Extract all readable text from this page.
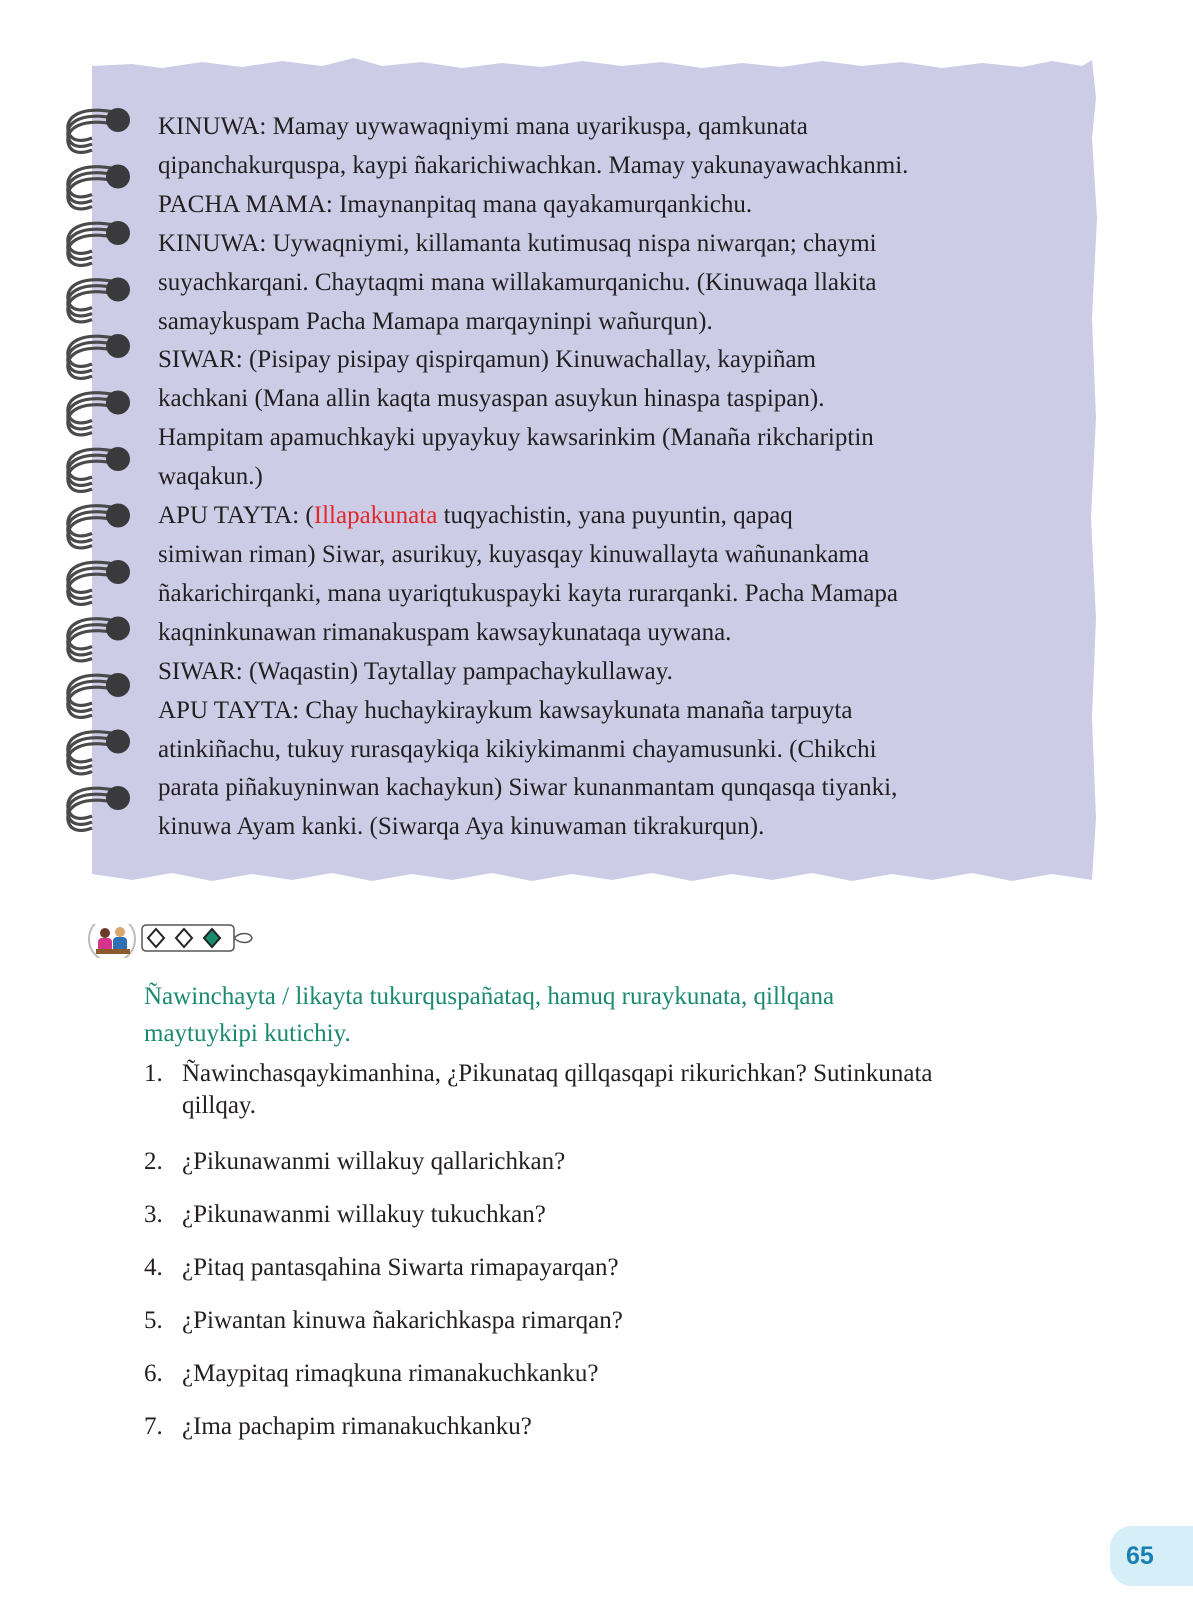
KINUWA: Mamay uywawaqniymi mana uyarikuspa, qamkunata
qipanchakurquspa, kaypi ñakarichiwachkan. Mamay yakunayawachkanmi.
PACHA MAMA: Imaynanpitaq mana qayakamurqankichu.
KINUWA: Uywaqniymi, killamanta kutimusaq nispa niwarqan; chaymi
suyachkarqani. Chaytaqmi mana willakamurqanichu. (Kinuwaqa llakita
samaykuspam Pacha Mamapa marqayninpi wañurqun).
SIWAR: (Pisipay pisipay qispirqamun) Kinuwachallay, kaypiñam
kachkani (Mana allin kaqta musyaspan asuykun hinaspa taspipan).
Hampitam apamuchkayki upyaykuy kawsarinkim (Manaña rikchariptin
waqakun.)
APU TAYTA: (Illapakunata tuqyachistin, yana puyuntin, qapaq
simiwan riman) Siwar, asurikuy, kuyasqay kinuwallayta wañunankama
ñakarichirqanki, mana uyariqtukuspayki kayta rurarqanki. Pacha Mamapa
kaqninkunawan rimanakuspam kawsaykunataqa uywana.
SIWAR: (Waqastin) Taytallay pampachaykullaway.
APU TAYTA: Chay huchaykiraykum kawsaykunata manaña tarpuyta
atinkiñachu, tukuy rurasqaykiqa kikiykimanmi chayamusunki. (Chikchi
parata piñakuyninwan kachaykun) Siwar kunanmantam qunqasqa tiyanki,
kinuwa Ayam kanki. (Siwarqa Aya kinuwaman tikrakurqun).
Ñawinchayta / likayta tukurquspañataq, hamuq ruraykunata, qillqana
maytuykipi kutichiy.
1. Ñawinchasqaykimanhina, ¿Pikunataq qillqasqapi rikurichkan? Sutinkunata
qillqay.
2. ¿Pikunawanmi willakuy qallarichkan?
3. ¿Pikunawanmi willakuy tukuchkan?
4. ¿Pitaq pantasqahina Siwarta rimapayarqan?
5. ¿Piwantan kinuwa ñakarichkaspa rimarqan?
6. ¿Maypitaq rimaqkuna rimanakuchkanku?
7. ¿Ima pachapim rimanakuchkanku?
65
